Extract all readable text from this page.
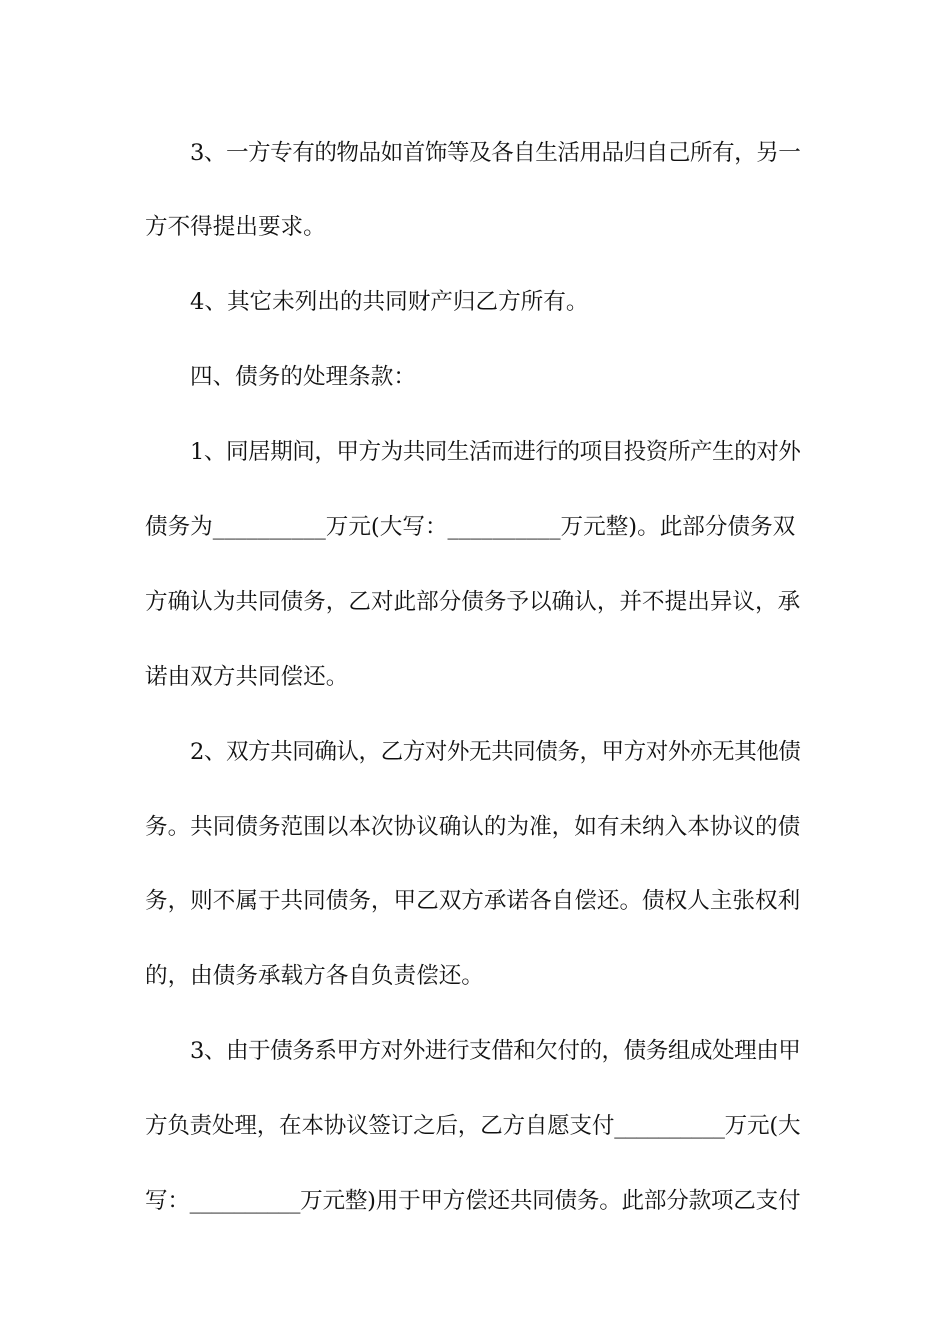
3、一方专有的物品如首饰等及各自生活用品归自己所有，另一
方不得提出要求。
4、其它未列出的共同财产归乙方所有。
四、债务的处理条款：
1、同居期间，甲方为共同生活而进行的项目投资所产生的对外
债务为__________万元(大写：__________万元整)。此部分债务双
方确认为共同债务，乙对此部分债务予以确认，并不提出异议，承
诺由双方共同偿还。
2、双方共同确认，乙方对外无共同债务，甲方对外亦无其他债
务。共同债务范围以本次协议确认的为准，如有未纳入本协议的债
务，则不属于共同债务，甲乙双方承诺各自偿还。债权人主张权利
的，由债务承载方各自负责偿还。
3、由于债务系甲方对外进行支借和欠付的，债务组成处理由甲
方负责处理，在本协议签订之后，乙方自愿支付__________万元(大
写：__________万元整)用于甲方偿还共同债务。此部分款项乙支付
